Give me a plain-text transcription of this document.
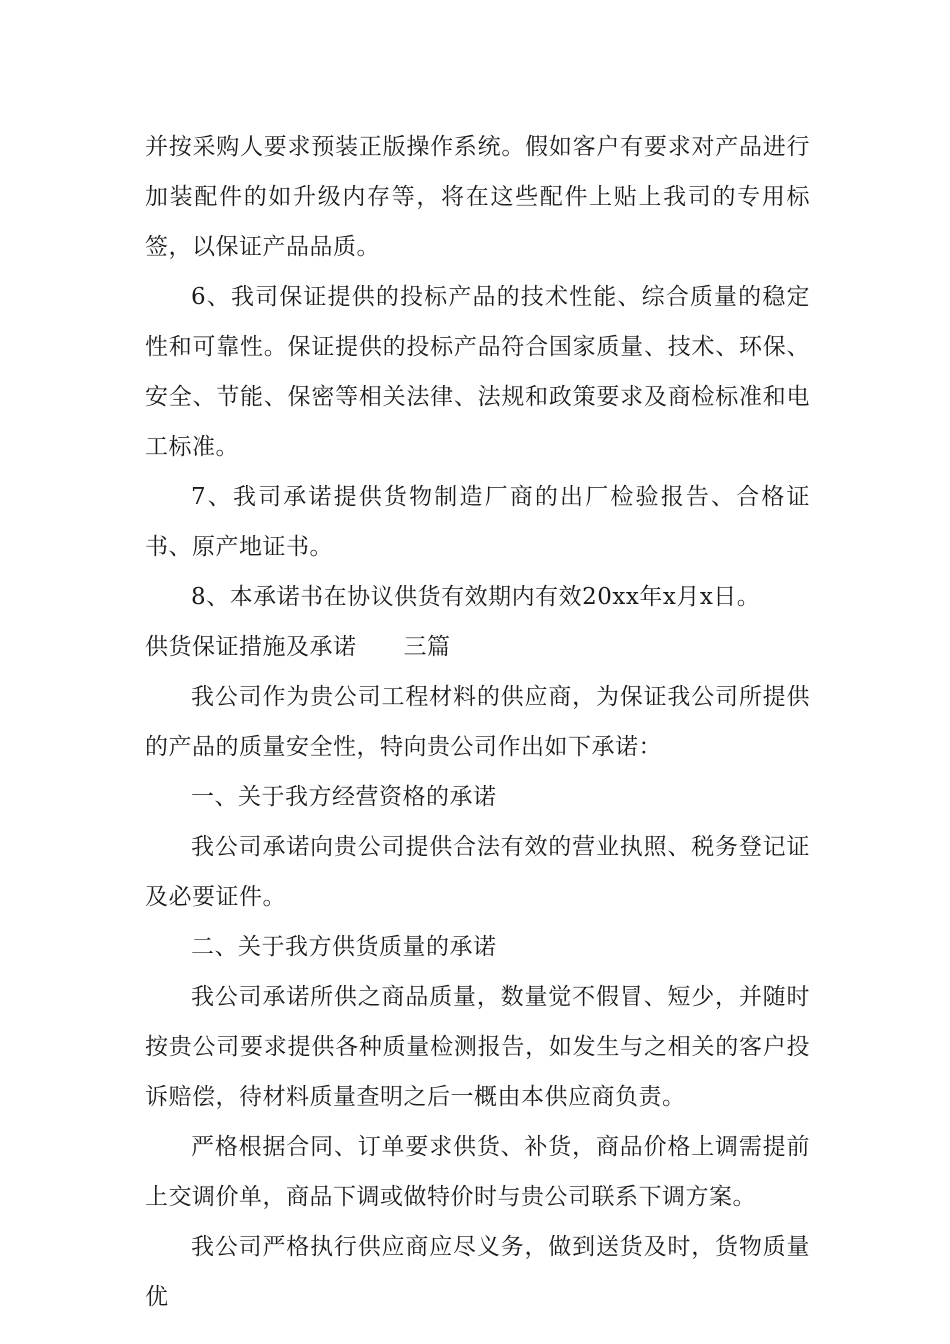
并按采购人要求预装正版操作系统。假如客户有要求对产品进行加装配件的如升级内存等，将在这些配件上贴上我司的专用标签，以保证产品品质。

6、我司保证提供的投标产品的技术性能、综合质量的稳定性和可靠性。保证提供的投标产品符合国家质量、技术、环保、安全、节能、保密等相关法律、法规和政策要求及商检标准和电工标准。

7、我司承诺提供货物制造厂商的出厂检验报告、合格证书、原产地证书。

8、本承诺书在协议供货有效期内有效20xx年x月x日。

供货保证措施及承诺　　三篇

我公司作为贵公司工程材料的供应商，为保证我公司所提供的产品的质量安全性，特向贵公司作出如下承诺：

一、关于我方经营资格的承诺

我公司承诺向贵公司提供合法有效的营业执照、税务登记证及必要证件。

二、关于我方供货质量的承诺

我公司承诺所供之商品质量，数量觉不假冒、短少，并随时按贵公司要求提供各种质量检测报告，如发生与之相关的客户投诉赔偿，待材料质量查明之后一概由本供应商负责。

严格根据合同、订单要求供货、补货，商品价格上调需提前上交调价单，商品下调或做特价时与贵公司联系下调方案。

我公司严格执行供应商应尽义务，做到送货及时，货物质量优
